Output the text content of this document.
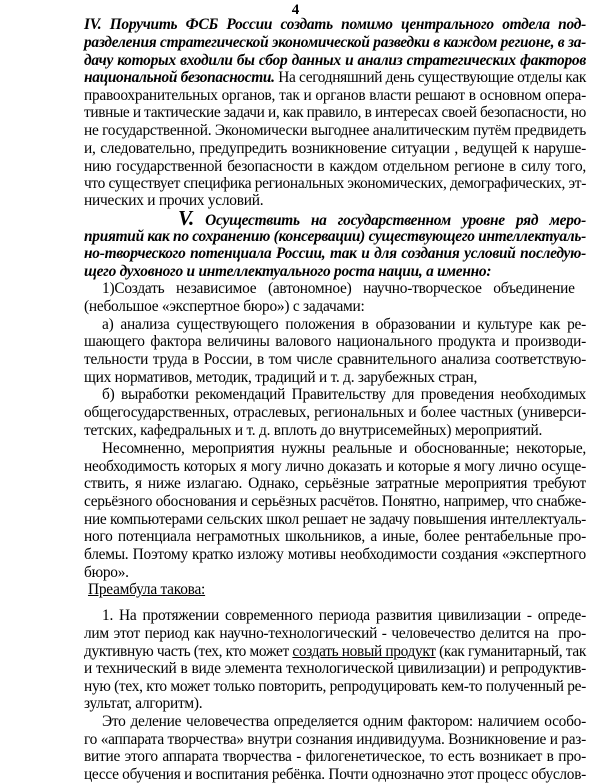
4
IV. Поручить ФСБ России создать помимо центрального отдела под-
разделения стратегической экономической разведки в каждом регионе, в за-
дачу которых входили бы сбор данных и анализ стратегических факторов
национальной безопасности. На сегодняшний день существующие отделы как
правоохранительных органов, так и органов власти решают в основном опера-
тивные и тактические задачи и, как правило, в интересах своей безопасности, но
не государственной. Экономически выгоднее аналитическим путём предвидеть
и, следовательно, предупредить возникновение ситуации , ведущей к наруше-
нию государственной безопасности в каждом отдельном регионе в силу того,
что существует специфика региональных экономических, демографических, эт-
нических и прочих условий.
V. Осуществить на государственном уровне ряд меро-
приятий как по сохранению (консервации) существующего интеллектуаль-
но-творческого потенциала России, так и для создания условий последую-
щего духовного и интеллектуального роста нации, а именно:
1)Создать независимое (автономное) научно-творческое объединение
(небольшое «экспертное бюро») с задачами:
а) анализа существующего положения в образовании и культуре как ре-
шающего фактора величины валового национального продукта и производи-
тельности труда в России, в том числе сравнительного анализа соответствую-
щих нормативов, методик, традиций и т. д. зарубежных стран,
б) выработки рекомендаций Правительству для проведения необходимых
общегосударственных, отраслевых, региональных и более частных (универси-
тетских, кафедральных и т. д. вплоть до внутрисемейных) мероприятий.
Несомненно, мероприятия нужны реальные и обоснованные; некоторые,
необходимость которых я могу лично доказать и которые я могу лично осуще-
ствить, я ниже излагаю. Однако, серьёзные затратные мероприятия требуют
серьёзного обоснования и серьёзных расчётов. Понятно, например, что снабже-
ние компьютерами сельских школ решает не задачу повышения интеллектуаль-
ного потенциала неграмотных школьников, а иные, более рентабельные про-
блемы. Поэтому кратко изложу мотивы необходимости создания «экспертного
бюро».
Преамбула такова:
1. На протяжении современного периода развития цивилизации - опреде-
лим этот период как научно-технологический - человечество делится на  про-
дуктивную часть (тех, кто может создать новый продукт (как гуманитарный, так
и технический в виде элемента технологической цивилизации) и репродуктив-
ную (тех, кто может только повторить, репродуцировать кем-то полученный ре-
зультат, алгоритм).
Это деление человечества определяется одним фактором: наличием особо-
го «аппарата творчества» внутри сознания индивидуума. Возникновение и раз-
витие этого аппарата творчества - филогенетическое, то есть возникает в про-
цессе обучения и воспитания ребёнка. Почти однозначно этот процесс обуслов-
